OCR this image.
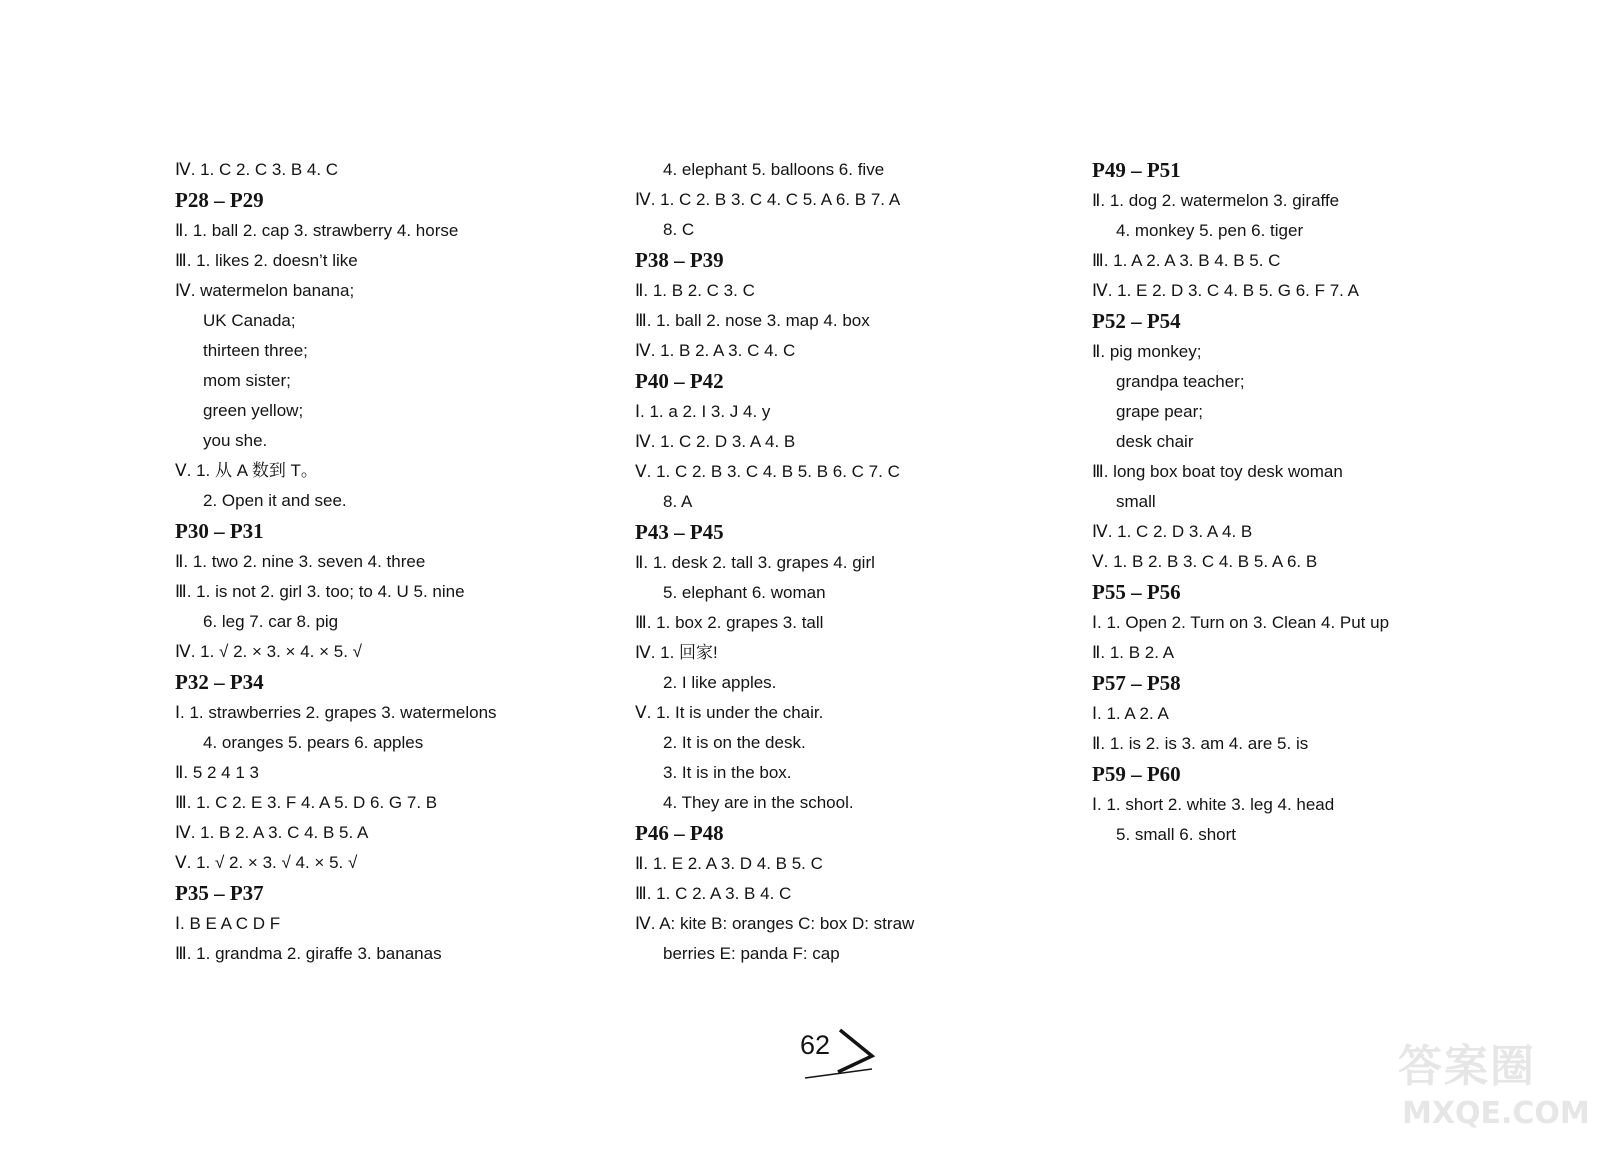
Ⅳ. 1. C 2. C 3. B 4. C
P28 – P29
Ⅱ. 1. ball 2. cap 3. strawberry 4. horse
Ⅲ. 1. likes 2. doesn’t like
Ⅳ. watermelon banana;
UK Canada;
thirteen three;
mom sister;
green yellow;
you she.
Ⅴ. 1. 从 A 数到 T。
2. Open it and see.
P30 – P31
Ⅱ. 1. two 2. nine 3. seven 4. three
Ⅲ. 1. is not 2. girl 3. too; to 4. U 5. nine
6. leg 7. car 8. pig
Ⅳ. 1. √ 2. × 3. × 4. × 5. √
P32 – P34
Ⅰ. 1. strawberries 2. grapes 3. watermelons
4. oranges 5. pears 6. apples
Ⅱ. 5 2 4 1 3
Ⅲ. 1. C 2. E 3. F 4. A 5. D 6. G 7. B
Ⅳ. 1. B 2. A 3. C 4. B 5. A
Ⅴ. 1. √ 2. × 3. √ 4. × 5. √
P35 – P37
Ⅰ. B E A C D F
Ⅲ. 1. grandma 2. giraffe 3. bananas
4. elephant 5. balloons 6. five
Ⅳ. 1. C 2. B 3. C 4. C 5. A 6. B 7. A
8. C
P38 – P39
Ⅱ. 1. B 2. C 3. C
Ⅲ. 1. ball 2. nose 3. map 4. box
Ⅳ. 1. B 2. A 3. C 4. C
P40 – P42
Ⅰ. 1. a 2. I 3. J 4. y
Ⅳ. 1. C 2. D 3. A 4. B
Ⅴ. 1. C 2. B 3. C 4. B 5. B 6. C 7. C
8. A
P43 – P45
Ⅱ. 1. desk 2. tall 3. grapes 4. girl
5. elephant 6. woman
Ⅲ. 1. box 2. grapes 3. tall
Ⅳ. 1. 回家!
2. I like apples.
Ⅴ. 1. It is under the chair.
2. It is on the desk.
3. It is in the box.
4. They are in the school.
P46 – P48
Ⅱ. 1. E 2. A 3. D 4. B 5. C
Ⅲ. 1. C 2. A 3. B 4. C
Ⅳ. A: kite B: oranges C: box D: straw
berries E: panda F: cap
P49 – P51
Ⅱ. 1. dog 2. watermelon 3. giraffe
4. monkey 5. pen 6. tiger
Ⅲ. 1. A 2. A 3. B 4. B 5. C
Ⅳ. 1. E 2. D 3. C 4. B 5. G 6. F 7. A
P52 – P54
Ⅱ. pig monkey;
grandpa teacher;
grape pear;
desk chair
Ⅲ. long box boat toy desk woman
small
Ⅳ. 1. C 2. D 3. A 4. B
Ⅴ. 1. B 2. B 3. C 4. B 5. A 6. B
P55 – P56
Ⅰ. 1. Open 2. Turn on 3. Clean 4. Put up
Ⅱ. 1. B 2. A
P57 – P58
Ⅰ. 1. A 2. A
Ⅱ. 1. is 2. is 3. am 4. are 5. is
P59 – P60
Ⅰ. 1. short 2. white 3. leg 4. head
5. small 6. short
62	答案圈
MXQE.COM
